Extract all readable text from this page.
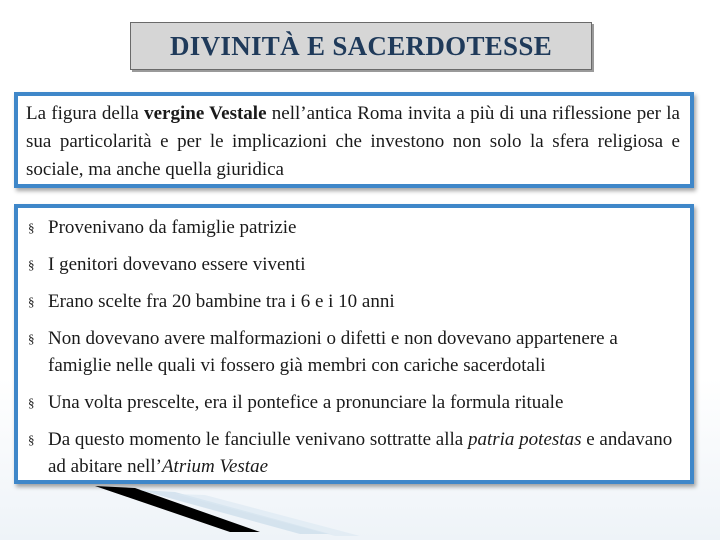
DIVINITÀ E SACERDOTESSE
La figura della vergine Vestale nell’antica Roma invita a più di una riflessione per la sua particolarità e per le implicazioni che investono non solo la sfera religiosa e sociale, ma anche quella giuridica
§ Provenivano da famiglie patrizie
§ I genitori dovevano essere viventi
§ Erano scelte fra 20 bambine tra i 6 e i 10 anni
§ Non dovevano avere malformazioni o difetti e non dovevano appartenere a famiglie nelle quali vi fossero già membri con cariche sacerdotali
§ Una volta prescelte, era il pontefice a pronunciare la formula rituale
§ Da questo momento le fanciulle venivano sottratte alla patria potestas e andavano ad abitare nell’Atrium Vestae
